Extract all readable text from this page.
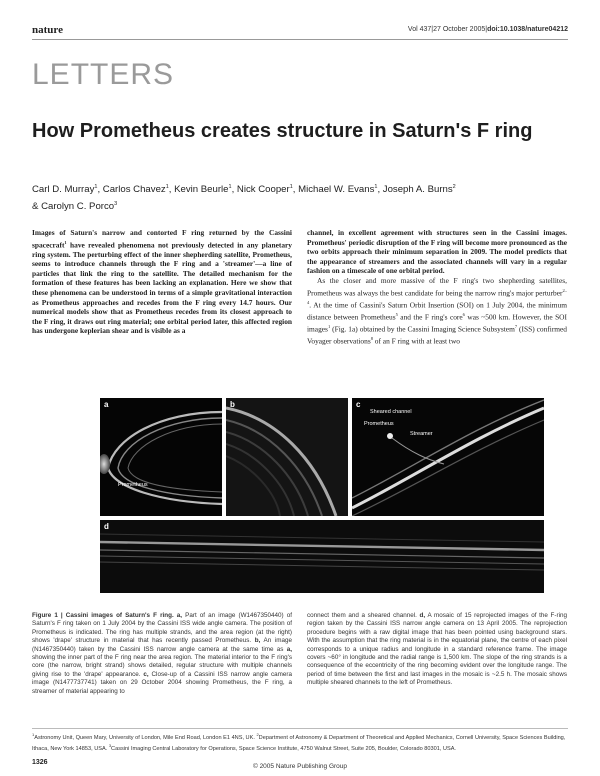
nature	Vol 437|27 October 2005|doi:10.1038/nature04212
LETTERS
How Prometheus creates structure in Saturn's F ring
Carl D. Murray$^1$, Carlos Chavez$^1$, Kevin Beurle$^1$, Nick Cooper$^1$, Michael W. Evans$^1$, Joseph A. Burns$^2$
& Carolyn C. Porco$^3$

Images of Saturn's narrow and contorted F ring returned by the Cassini spacecraft$^1$ have revealed phenomena not previously detected in any planetary ring system. The perturbing effect of the inner shepherding satellite, Prometheus, seems to introduce channels through the F ring and a 'streamer'—a line of particles that link the ring to the satellite. The detailed mechanism for the formation of these features has been lacking an explanation. Here we show that these phenomena can be understood in terms of a simple gravitational interaction as Prometheus approaches and recedes from the F ring every 14.7 hours. Our numerical models show that as Prometheus recedes from its closest approach to the F ring, it draws out ring material; one orbital period later, this affected region has undergone keplerian shear and is visible as a

channel, in excellent agreement with structures seen in the Cassini images. Prometheus' periodic disruption of the F ring will become more pronounced as the two orbits approach their minimum separation in 2009. The model predicts that the appearance of streamers and the associated channels will vary in a regular fashion on a timescale of one orbital period.

As the closer and more massive of the F ring's two shepherding satellites, Prometheus was always the best candidate for being the narrow ring's major perturber$^{2-4}$. At the time of Cassini's Saturn Orbit Insertion (SOI) on 1 July 2004, the minimum distance between Prometheus$^5$ and the F ring's core$^6$ was ~500 km. However, the SOI images$^1$ (Fig. 1a) obtained by the Cassini Imaging Science Subsystem$^7$ (ISS) confirmed Voyager observations$^8$ of an F ring with at least two

a
Prometheus
b	c
Sheared channel
Prometheus
Streamer
d

Figure 1 | Cassini images of Saturn's F ring. a, Part of an image (W1467350440) of Saturn's F ring taken on 1 July 2004 by the Cassini ISS wide angle camera. The position of Prometheus is indicated. The ring has multiple strands, and the area region (at the right) shows 'drape' structure in material that has recently passed Prometheus. b, An image (N1467350440) taken by the Cassini ISS narrow angle camera at the same time as a, showing the inner part of the F ring near the area region. The material interior to the F ring's core (the narrow, bright strand) shows detailed, regular structure with multiple channels giving rise to the 'drape' appearance. c, Close-up of a Cassini ISS narrow angle camera image (N1477737741) taken on 29 October 2004 showing Prometheus, the F ring, a streamer of material appearing to

connect them and a sheared channel. d, A mosaic of 15 reprojected images of the F-ring region taken by the Cassini ISS narrow angle camera on 13 April 2005. The reprojection procedure begins with a raw digital image that has been pointed using background stars. With the assumption that the ring material is in the equatorial plane, the centre of each pixel corresponds to a unique radius and longitude in a standard reference frame. The image covers ~60° in longitude and the radial range is 1,500 km. The slope of the ring strands is a consequence of the eccentricity of the ring becoming evident over the longitude range. The period of time between the first and last images in the mosaic is ~2.5 h. The mosaic shows multiple sheared channels to the left of Prometheus.

$^1$Astronomy Unit, Queen Mary, University of London, Mile End Road, London E1 4NS, UK. $^2$Department of Astronomy & Department of Theoretical and Applied Mechanics, Cornell University, Space Sciences Building, Ithaca, New York 14853, USA. $^3$Cassini Imaging Central Laboratory for Operations, Space Science Institute, 4750 Walnut Street, Suite 205, Boulder, Colorado 80301, USA.
1326
© 2005 Nature Publishing Group
